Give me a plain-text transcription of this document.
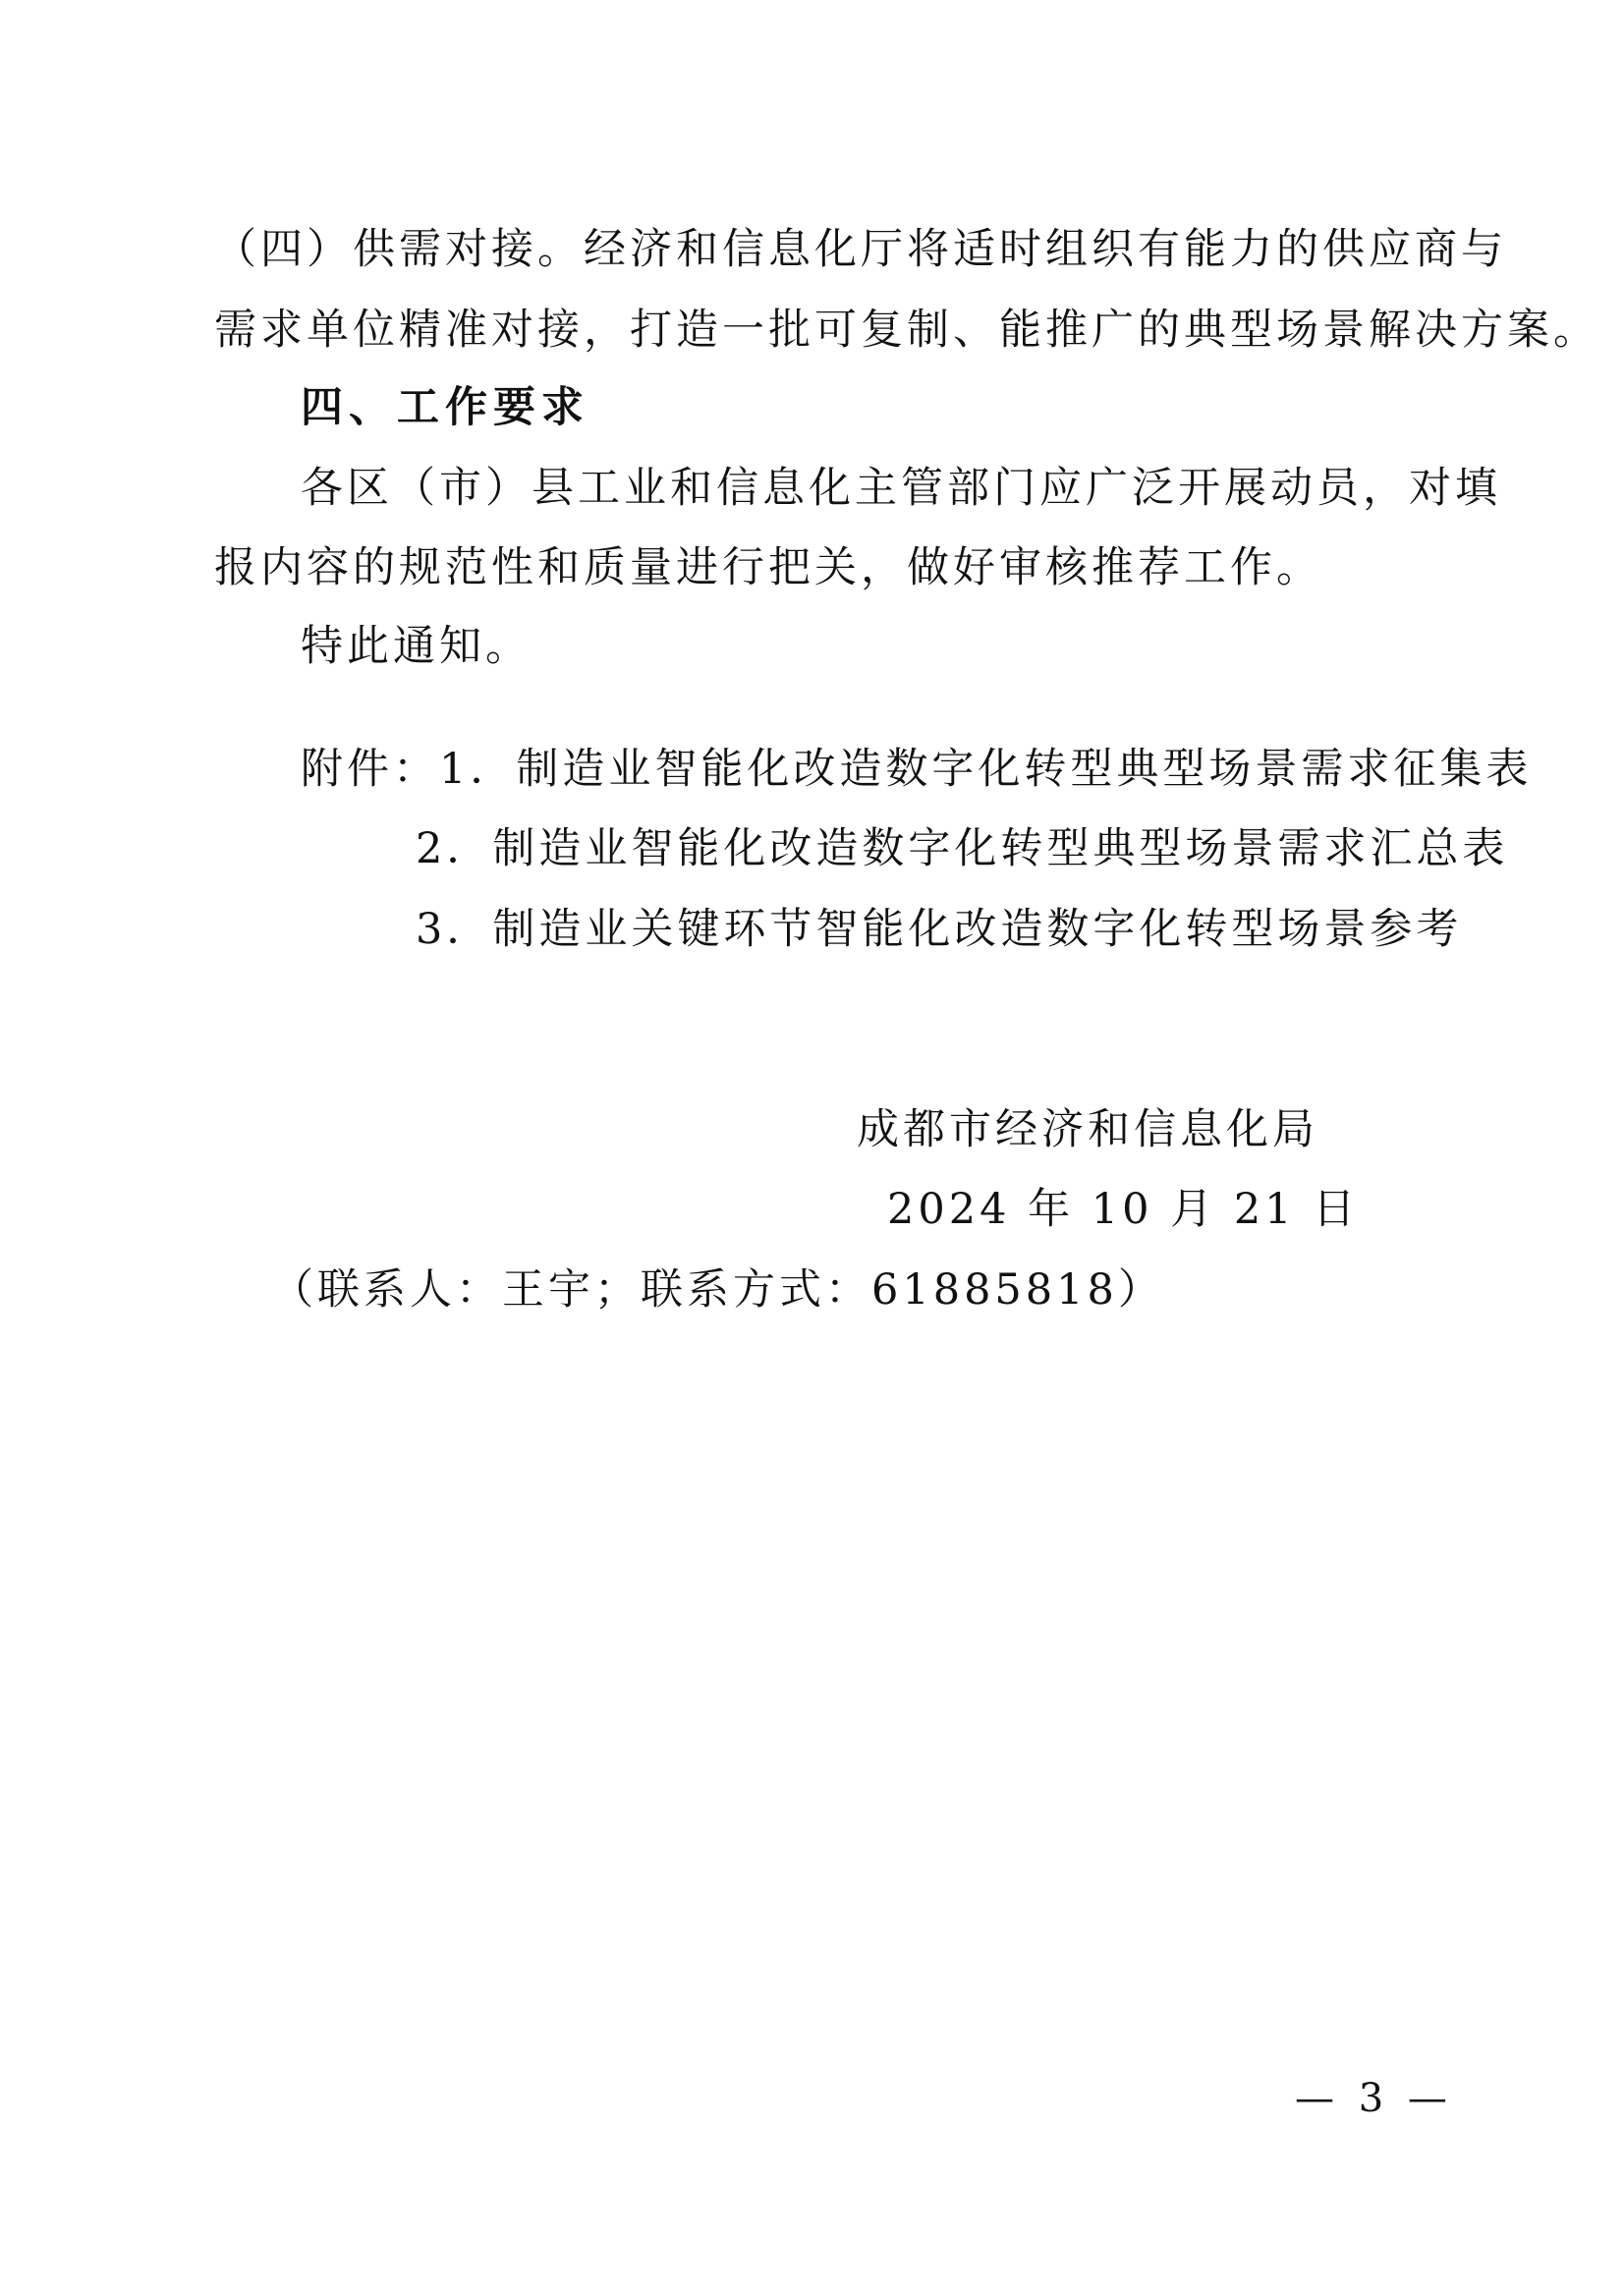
（四）供需对接。经济和信息化厅将适时组织有能力的供应商与
需求单位精准对接，打造一批可复制、能推广的典型场景解决方案。
四、工作要求
各区（市）县工业和信息化主管部门应广泛开展动员，对填
报内容的规范性和质量进行把关，做好审核推荐工作。
特此通知。
附件：1．制造业智能化改造数字化转型典型场景需求征集表
2．制造业智能化改造数字化转型典型场景需求汇总表
3．制造业关键环节智能化改造数字化转型场景参考
成都市经济和信息化局
2024 年 10 月 21 日
（联系人：王宇；联系方式：61885818）
— 3 —
